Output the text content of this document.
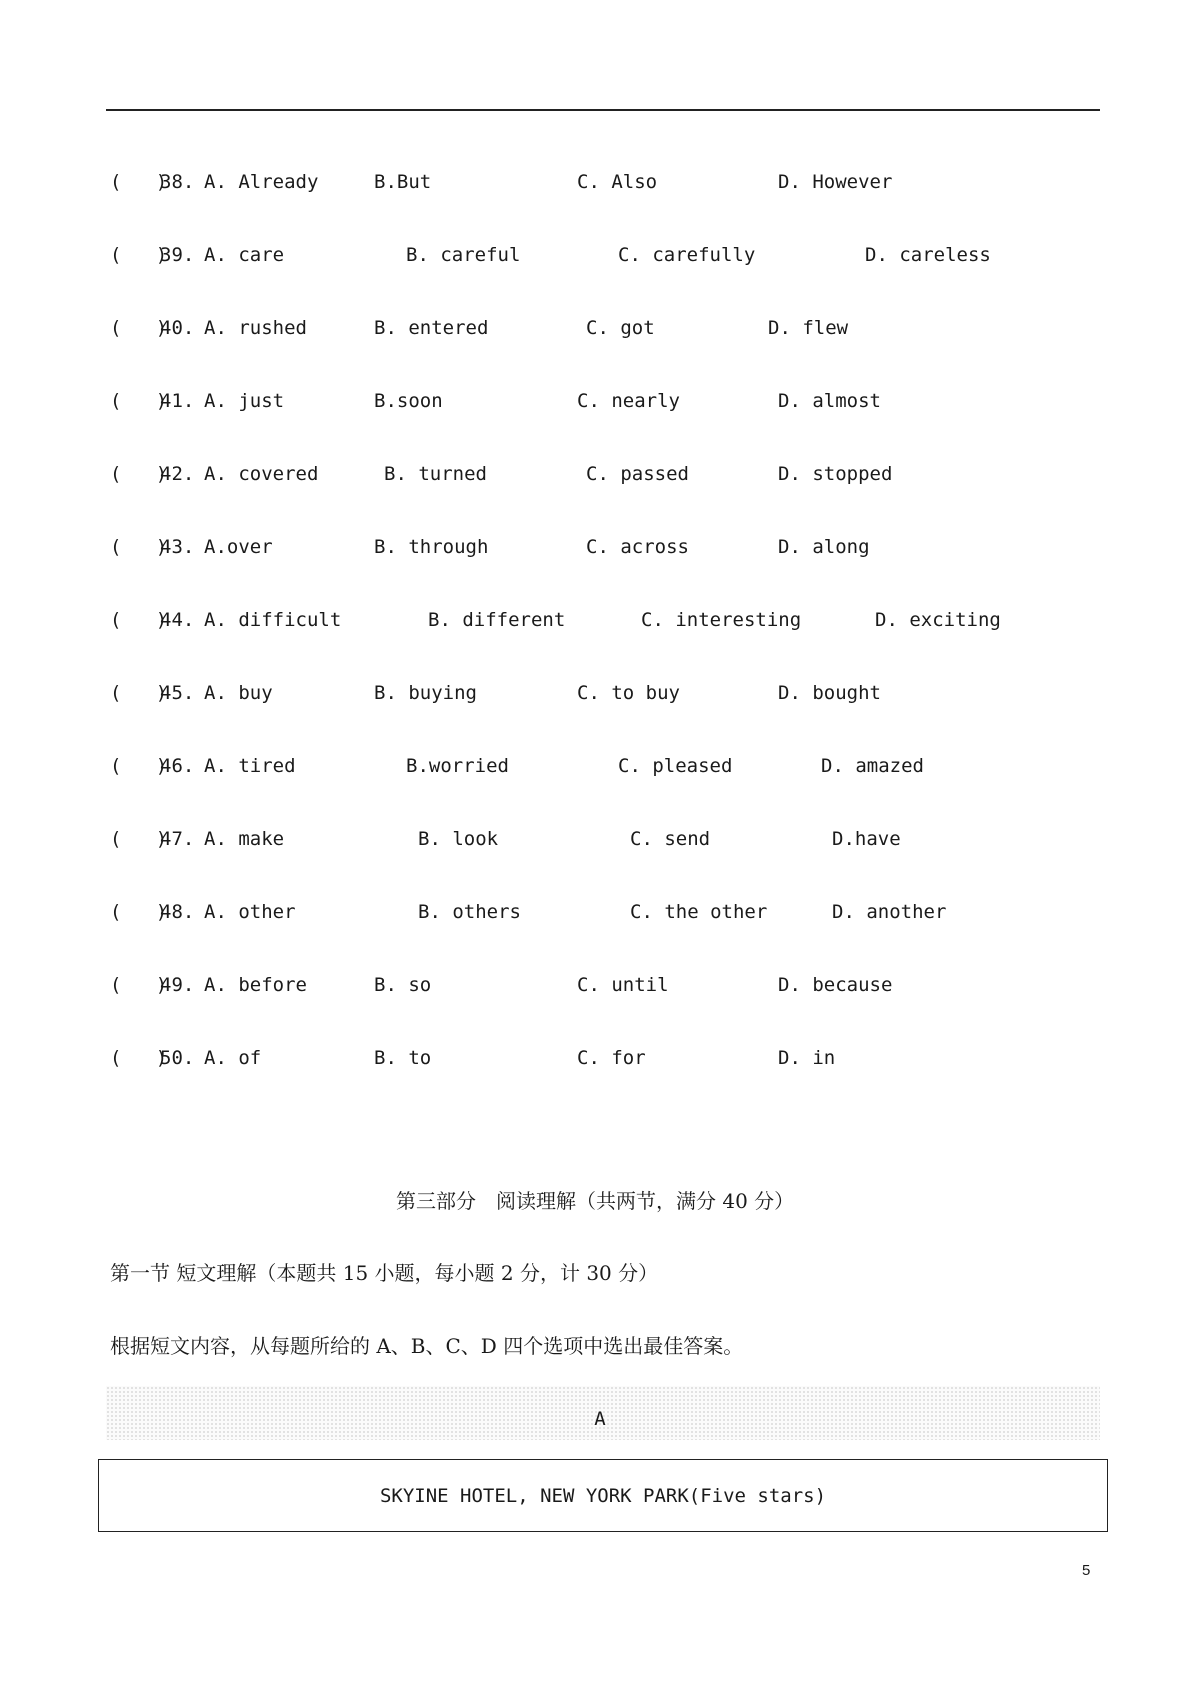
(   )
38. A. Already	B.But	C. Also	D. However
(   )
39. A. care	B. careful	C. carefully	D. careless
(   )
40. A. rushed	B. entered	C. got	D. flew
(   )
41. A. just	B.soon	C. nearly	D. almost
(   )
42. A. covered	B. turned	C. passed	D. stopped
(   )
43. A.over	B. through	C. across	D. along
(   )
44. A. difficult	B. different	C. interesting	D. exciting
(   )
45. A. buy	B. buying	C. to buy	D. bought
(   )
46. A. tired	B.worried	C. pleased	D. amazed
(   )
47. A. make	B. look	C. send	D.have
(   )
48. A. other	B. others	C. the other	D. another
(   )
49. A. before	B. so	C. until	D. because
(   )
50. A. of	B. to	C. for	D. in
第三部分　阅读理解（共两节，满分 40 分）
第一节 短文理解（本题共 15 小题，每小题 2 分，计 30 分）
根据短文内容，从每题所给的 A、B、C、D 四个选项中选出最佳答案。
A
SKYINE HOTEL, NEW YORK PARK(Five stars)
5
